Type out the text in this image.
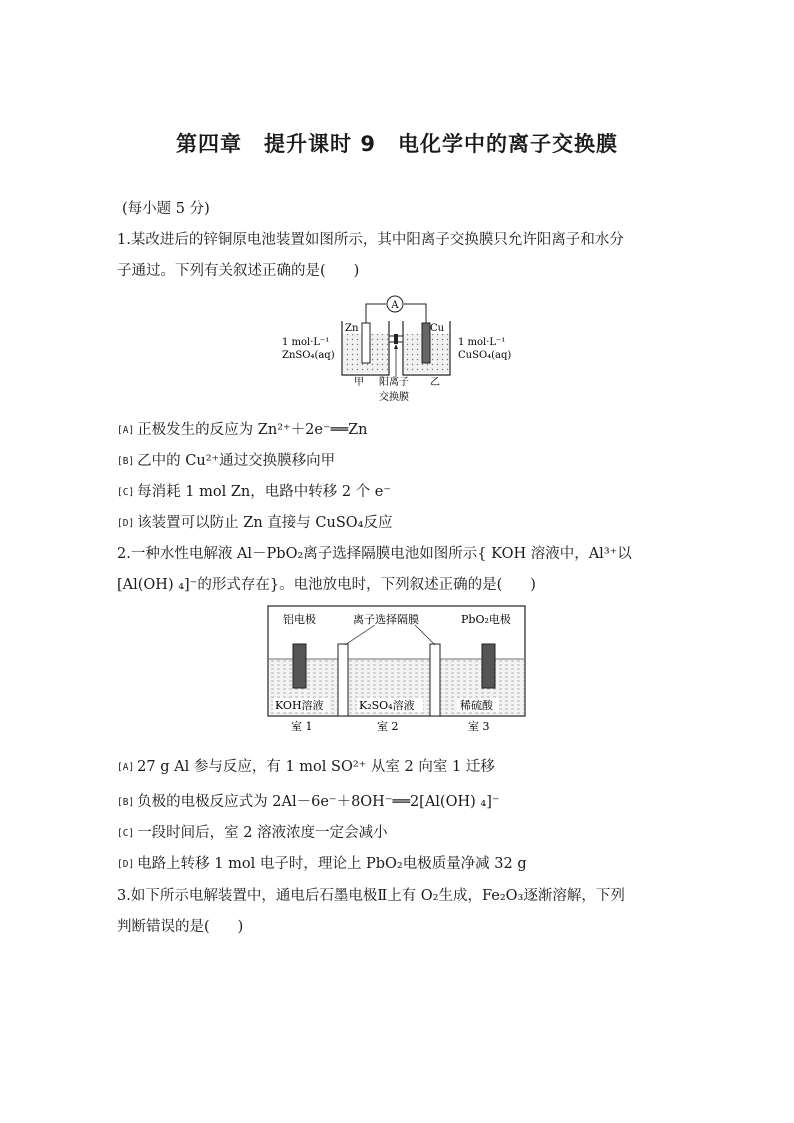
第四章 提升课时 9 电化学中的离子交换膜
(每小题 5 分)
1.某改进后的锌铜原电池装置如图所示，其中阳离子交换膜只允许阳离子和水分
子通过。下列有关叙述正确的是( )
A
Zn	Cu
1 mol·L⁻¹
ZnSO₄(aq)
1 mol·L⁻¹
CuSO₄(aq)
甲 阳离子
交换膜
乙
[A] 正极发生的反应为 Zn²⁺＋2e⁻══Zn
[B] 乙中的 Cu²⁺通过交换膜移向甲
[C] 每消耗 1 mol Zn，电路中转移 2 个 e⁻
[D] 该装置可以防止 Zn 直接与 CuSO₄反应
2.一种水性电解液 Al－PbO₂离子选择隔膜电池如图所示{ KOH 溶液中，Al³⁺以
[Al(OH) ₄]⁻的形式存在}。电池放电时，下列叙述正确的是( )
铝电极	离子选择隔膜	PbO₂电极
KOH溶液	K₂SO₄溶液	稀硫酸
室 1	室 2	室 3
[A] 27 g Al 参与反应，有 1 mol SO²⁺ 从室 2 向室 1 迁移
[B] 负极的电极反应式为 2Al－6e⁻＋8OH⁻══2[Al(OH) ₄]⁻
[C] 一段时间后，室 2 溶液浓度一定会减小
[D] 电路上转移 1 mol 电子时，理论上 PbO₂电极质量净减 32 g
3.如下所示电解装置中，通电后石墨电极Ⅱ上有 O₂生成，Fe₂O₃逐渐溶解，下列
判断错误的是( )
